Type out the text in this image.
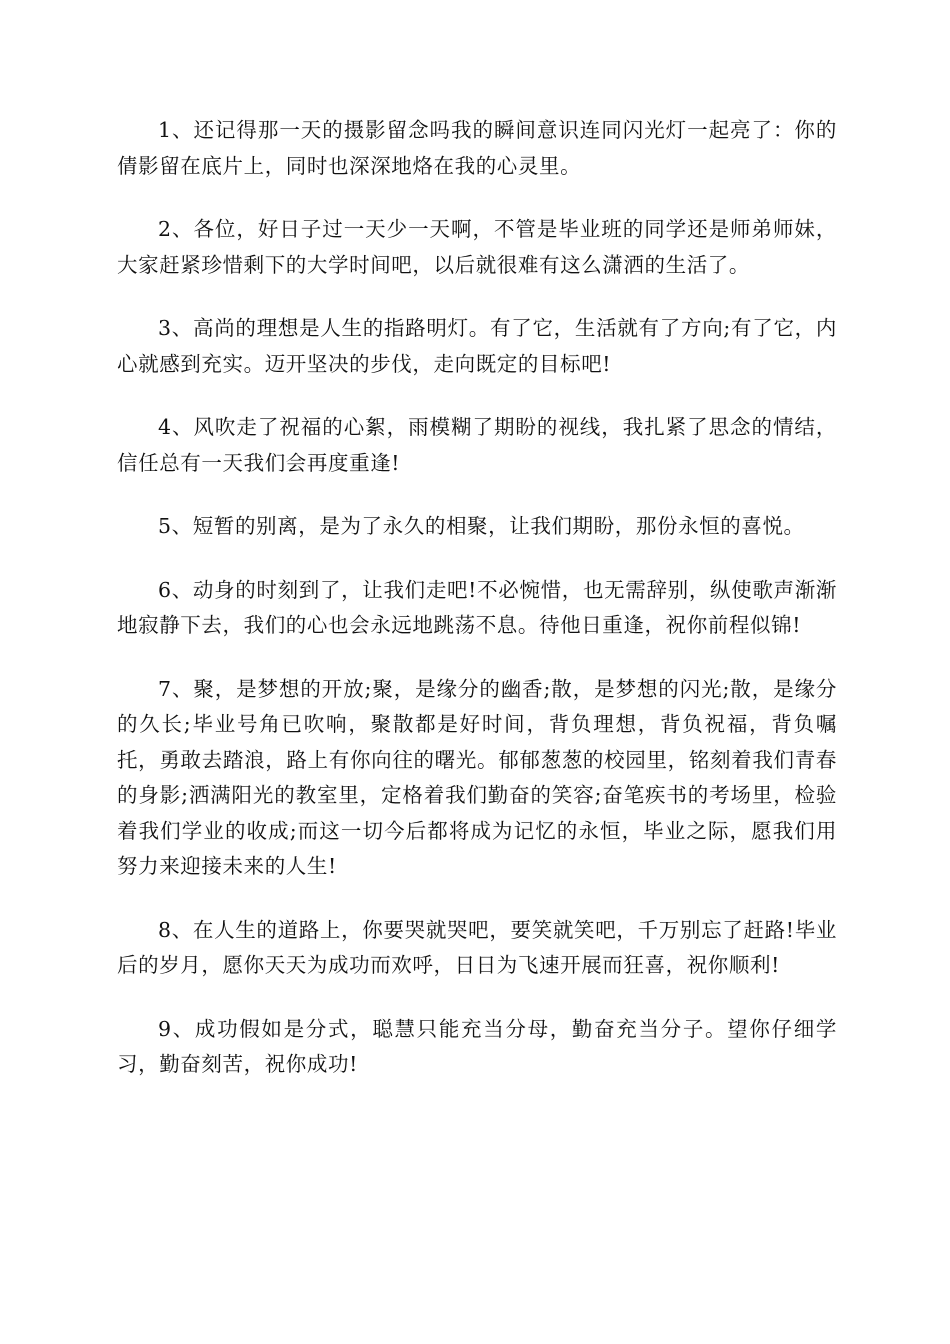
1、还记得那一天的摄影留念吗我的瞬间意识连同闪光灯一起亮了：你的倩影留在底片上，同时也深深地烙在我的心灵里。

2、各位，好日子过一天少一天啊，不管是毕业班的同学还是师弟师妹，大家赶紧珍惜剩下的大学时间吧，以后就很难有这么潇洒的生活了。

3、高尚的理想是人生的指路明灯。有了它，生活就有了方向;有了它，内心就感到充实。迈开坚决的步伐，走向既定的目标吧!

4、风吹走了祝福的心絮，雨模糊了期盼的视线，我扎紧了思念的情结，信任总有一天我们会再度重逢!

5、短暂的别离，是为了永久的相聚，让我们期盼，那份永恒的喜悦。

6、动身的时刻到了，让我们走吧!不必惋惜，也无需辞别，纵使歌声渐渐地寂静下去，我们的心也会永远地跳荡不息。待他日重逢，祝你前程似锦!

7、聚，是梦想的开放;聚，是缘分的幽香;散，是梦想的闪光;散，是缘分的久长;毕业号角已吹响，聚散都是好时间，背负理想，背负祝福，背负嘱托，勇敢去踏浪，路上有你向往的曙光。郁郁葱葱的校园里，铭刻着我们青春的身影;洒满阳光的教室里，定格着我们勤奋的笑容;奋笔疾书的考场里，检验着我们学业的收成;而这一切今后都将成为记忆的永恒，毕业之际，愿我们用努力来迎接未来的人生!

8、在人生的道路上，你要哭就哭吧，要笑就笑吧，千万别忘了赶路!毕业后的岁月，愿你天天为成功而欢呼，日日为飞速开展而狂喜，祝你顺利!

9、成功假如是分式，聪慧只能充当分母，勤奋充当分子。望你仔细学习，勤奋刻苦，祝你成功!
